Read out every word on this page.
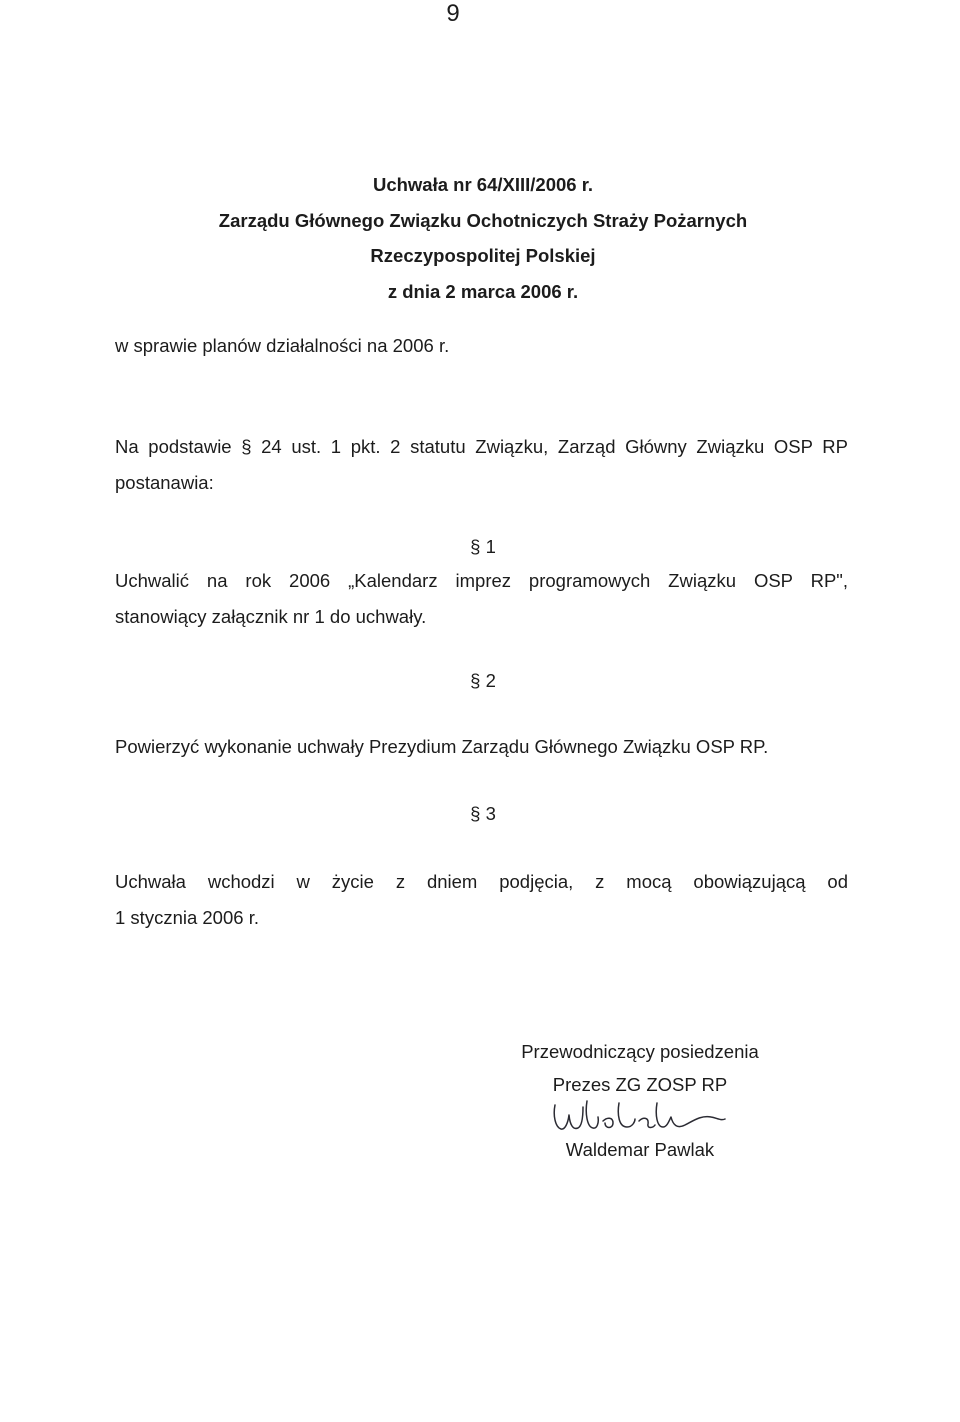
9
Uchwała nr 64/XIII/2006 r.
Zarządu Głównego Związku Ochotniczych Straży Pożarnych
Rzeczypospolitej Polskiej
z dnia 2 marca 2006 r.
w sprawie planów działalności na 2006 r.
Na podstawie § 24 ust. 1 pkt. 2 statutu Związku, Zarząd Główny Związku OSP RP
postanawia:
§ 1
Uchwalić na rok 2006 „Kalendarz imprez programowych Związku OSP RP",
stanowiący załącznik nr 1 do uchwały.
§ 2
Powierzyć wykonanie uchwały Prezydium Zarządu Głównego Związku OSP RP.
§ 3
Uchwała wchodzi w życie z dniem podjęcia, z mocą obowiązującą od
1 stycznia 2006 r.
Przewodniczący posiedzenia
Prezes ZG ZOSP RP
Waldemar Pawlak
